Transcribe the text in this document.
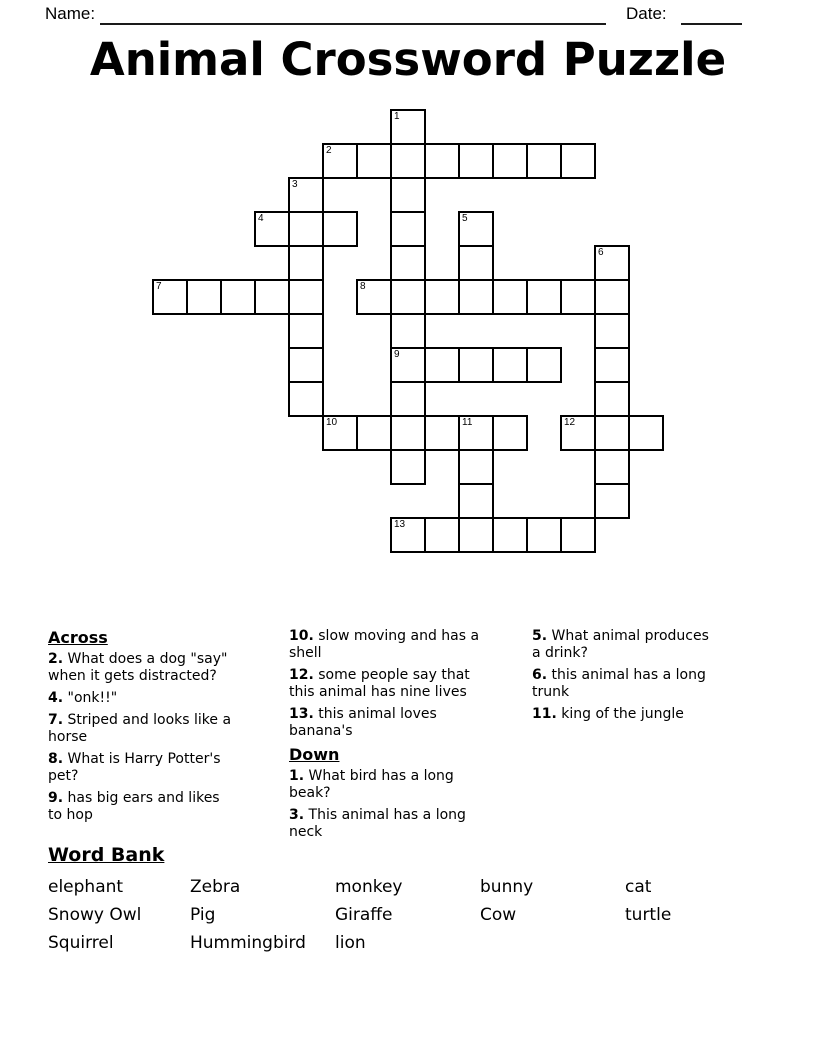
Name:	Date:
Animal Crossword Puzzle
1
2
3
4	5
6
7	8
9
10	11	12
13
Across
2. What does a dog "say"
when it gets distracted?
4. "onk!!"
7. Striped and looks like a
horse
8. What is Harry Potter's
pet?
9. has big ears and likes
to hop
10. slow moving and has a
shell
12. some people say that
this animal has nine lives
13. this animal loves
banana's
Down
1. What bird has a long
beak?
3. This animal has a long
neck
5. What animal produces
a drink?
6. this animal has a long
trunk
11. king of the jungle
Word Bank
elephant	Zebra	monkey	bunny	cat
Snowy Owl	Pig	Giraffe	Cow	turtle
Squirrel	Hummingbird	lion
